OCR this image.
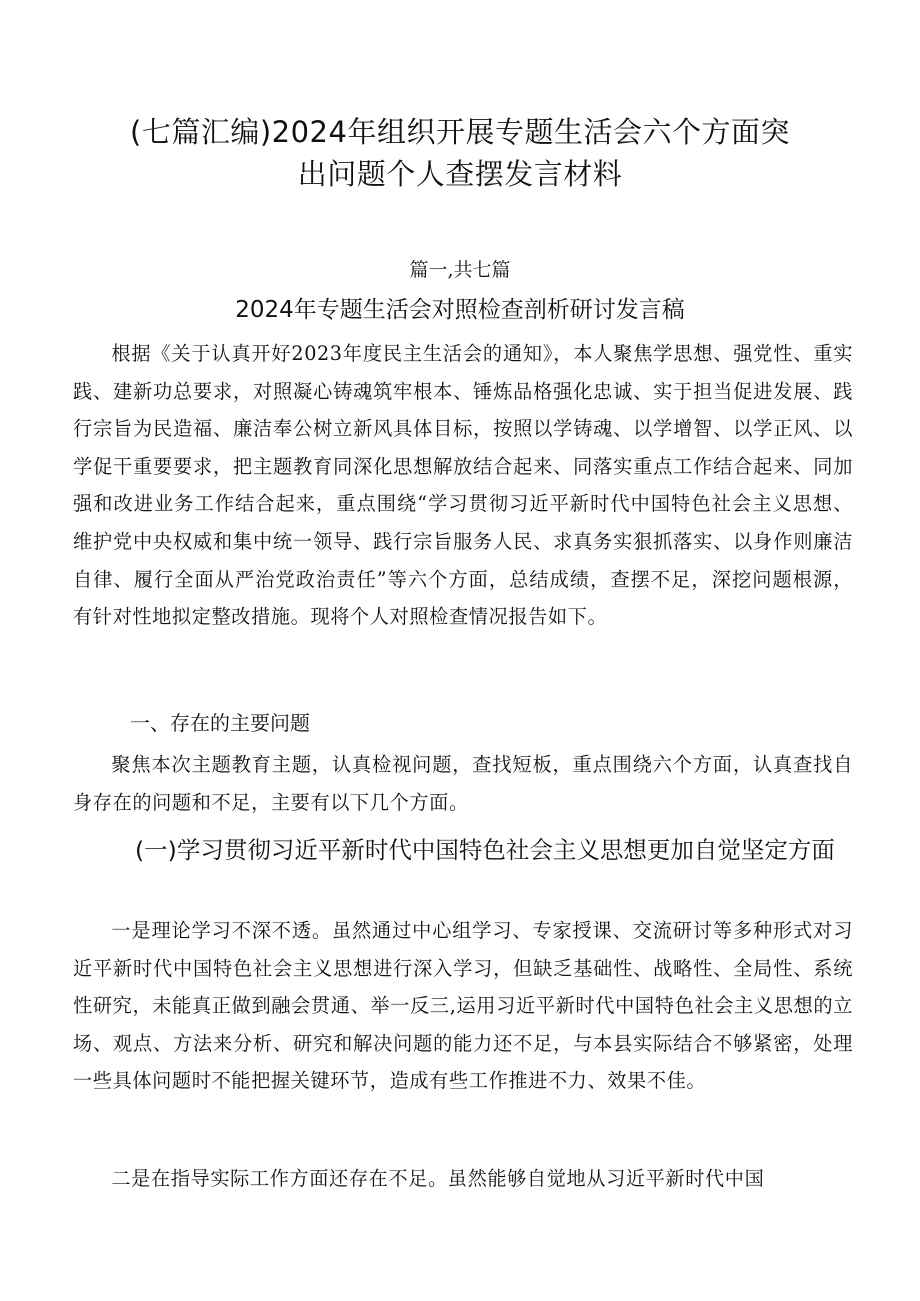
(七篇汇编)2024年组织开展专题生活会六个方面突
出问题个人查摆发言材料

篇一,共七篇

2024年专题生活会对照检查剖析研讨发言稿

根据《关于认真开好2023年度民主生活会的通知》，本人聚焦学思想、强党性、重实践、建新功总要求，对照凝心铸魂筑牢根本、锤炼品格强化忠诚、实于担当促进发展、践行宗旨为民造福、廉洁奉公树立新风具体目标，按照以学铸魂、以学增智、以学正风、以学促干重要要求，把主题教育同深化思想解放结合起来、同落实重点工作结合起来、同加强和改进业务工作结合起来，重点围绕“学习贯彻习近平新时代中国特色社会主义思想、维护党中央权威和集中统一领导、践行宗旨服务人民、求真务实狠抓落实、以身作则廉洁自律、履行全面从严治党政治责任”等六个方面，总结成绩，查摆不足，深挖问题根源，有针对性地拟定整改措施。现将个人对照检查情况报告如下。

一、存在的主要问题

聚焦本次主题教育主题，认真检视问题，查找短板，重点围绕六个方面，认真查找自身存在的问题和不足，主要有以下几个方面。

(一)学习贯彻习近平新时代中国特色社会主义思想更加自觉坚定方面

一是理论学习不深不透。虽然通过中心组学习、专家授课、交流研讨等多种形式对习近平新时代中国特色社会主义思想进行深入学习，但缺乏基础性、战略性、全局性、系统性研究，未能真正做到融会贯通、举一反三,运用习近平新时代中国特色社会主义思想的立场、观点、方法来分析、研究和解决问题的能力还不足，与本县实际结合不够紧密，处理一些具体问题时不能把握关键环节，造成有些工作推进不力、效果不佳。

二是在指导实际工作方面还存在不足。虽然能够自觉地从习近平新时代中国
